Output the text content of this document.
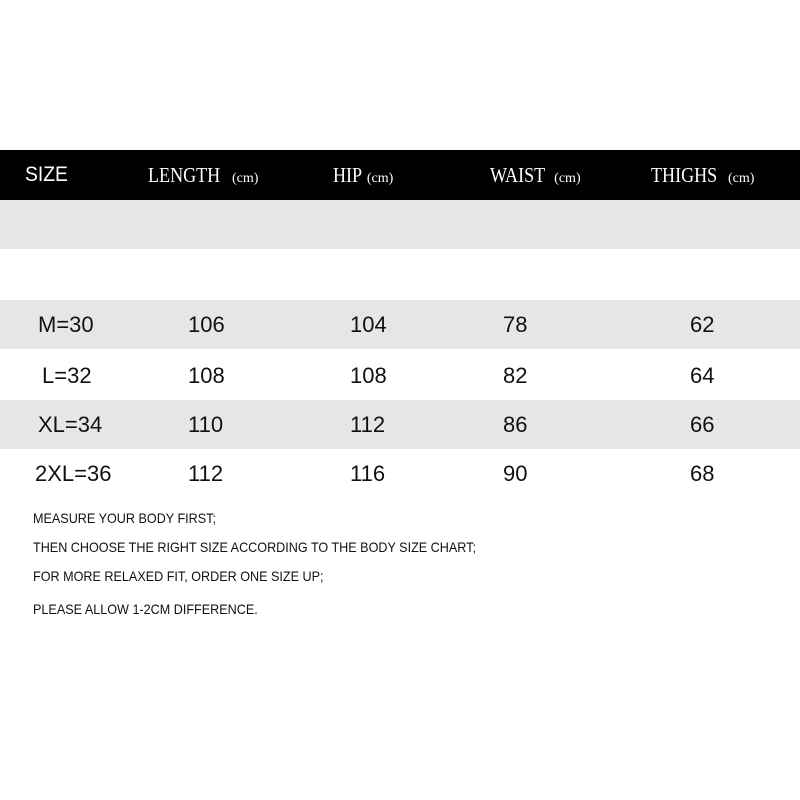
SIZE	LENGTH (cm)	HIP (cm)	WAIST (cm)	THIGHS (cm)
M=30	106	104	78	62
L=32	108	108	82	64
XL=34	110	112	86	66
2XL=36	112	116	90	68
MEASURE YOUR BODY FIRST;
THEN CHOOSE THE RIGHT SIZE ACCORDING TO THE BODY SIZE CHART;
FOR MORE RELAXED FIT, ORDER ONE SIZE UP;
PLEASE ALLOW 1-2CM DIFFERENCE.
